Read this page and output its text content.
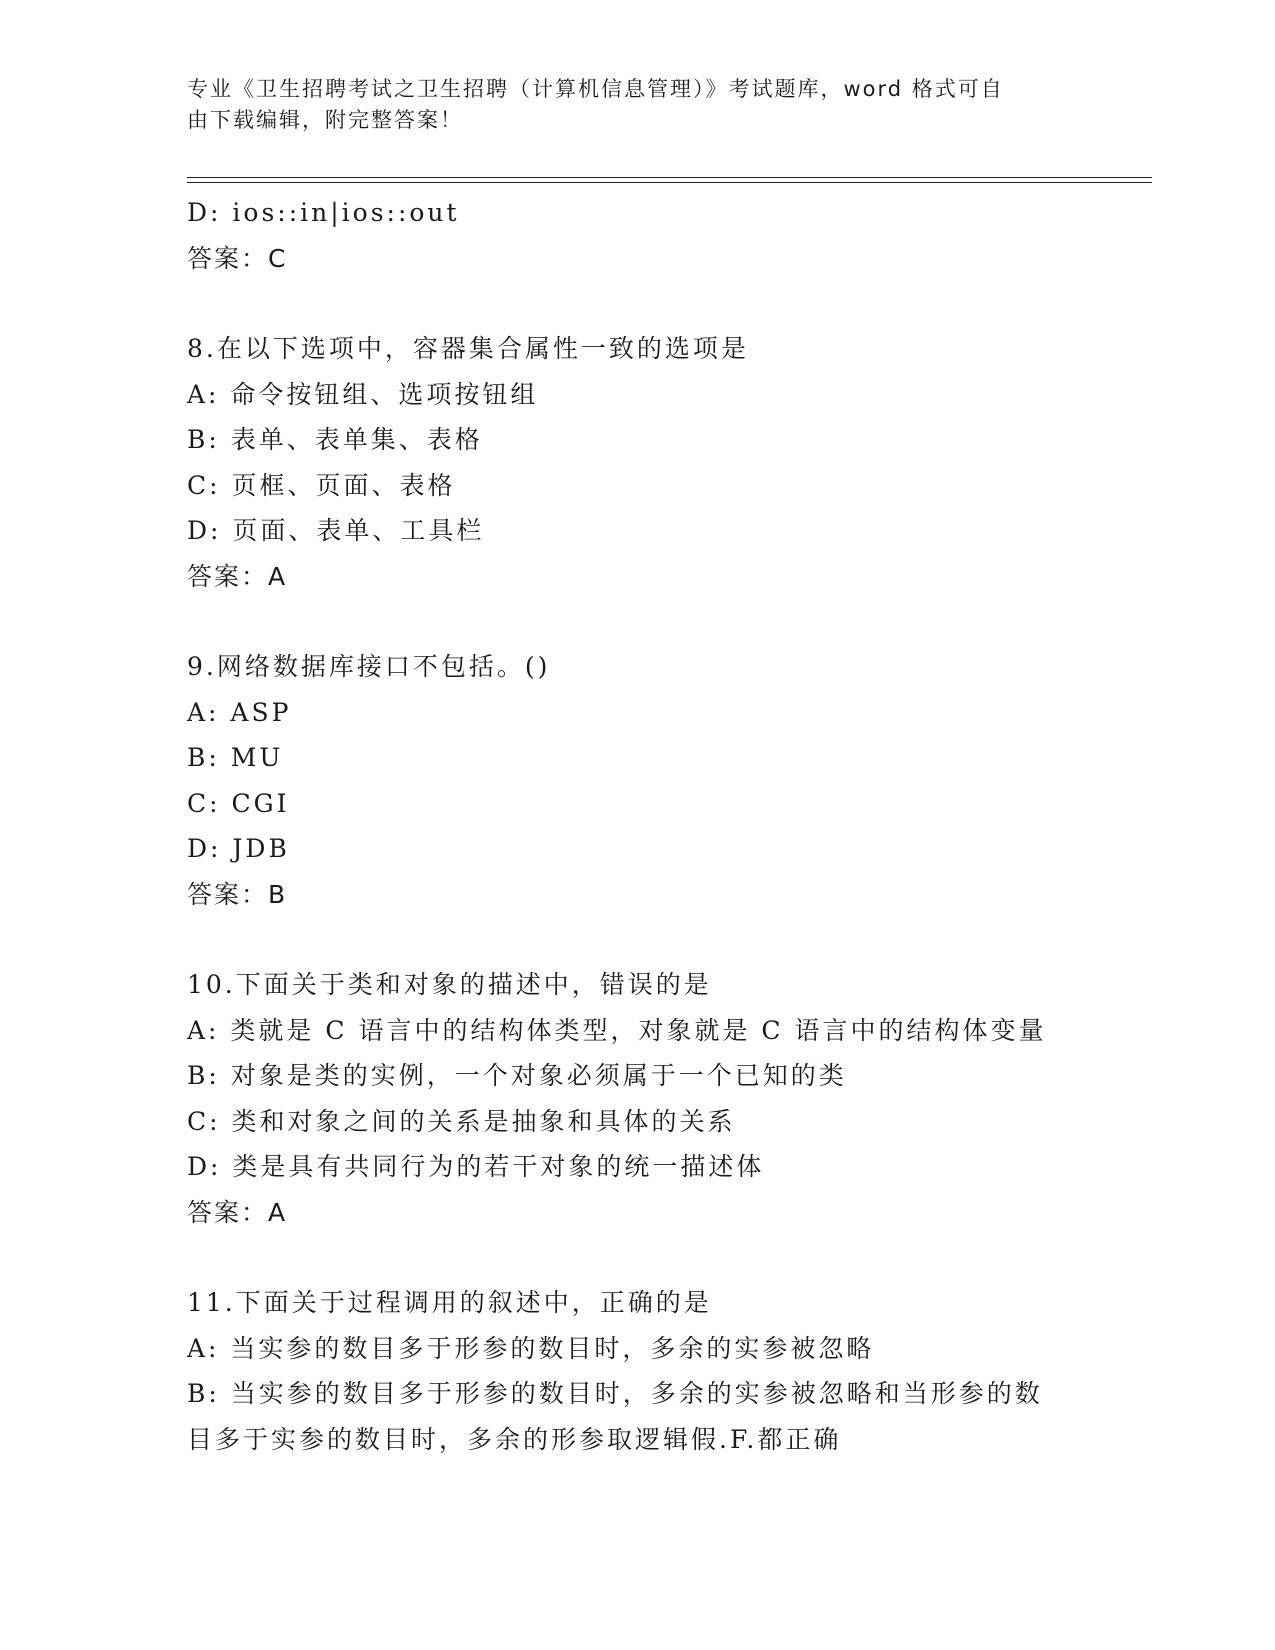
专业《卫生招聘考试之卫生招聘（计算机信息管理）》考试题库，word 格式可自
由下载编辑，附完整答案！
D: ios::in|ios::out
答案：C
8.在以下选项中，容器集合属性一致的选项是
A: 命令按钮组、选项按钮组
B: 表单、表单集、表格
C: 页框、页面、表格
D: 页面、表单、工具栏
答案：A
9.网络数据库接口不包括。()
A: ASP
B: MU
C: CGI
D: JDB
答案：B
10.下面关于类和对象的描述中，错误的是
A: 类就是 C 语言中的结构体类型，对象就是 C 语言中的结构体变量
B: 对象是类的实例，一个对象必须属于一个已知的类
C: 类和对象之间的关系是抽象和具体的关系
D: 类是具有共同行为的若干对象的统一描述体
答案：A
11.下面关于过程调用的叙述中，正确的是
A: 当实参的数目多于形参的数目时，多余的实参被忽略
B: 当实参的数目多于形参的数目时，多余的实参被忽略和当形参的数
目多于实参的数目时，多余的形参取逻辑假.F.都正确
